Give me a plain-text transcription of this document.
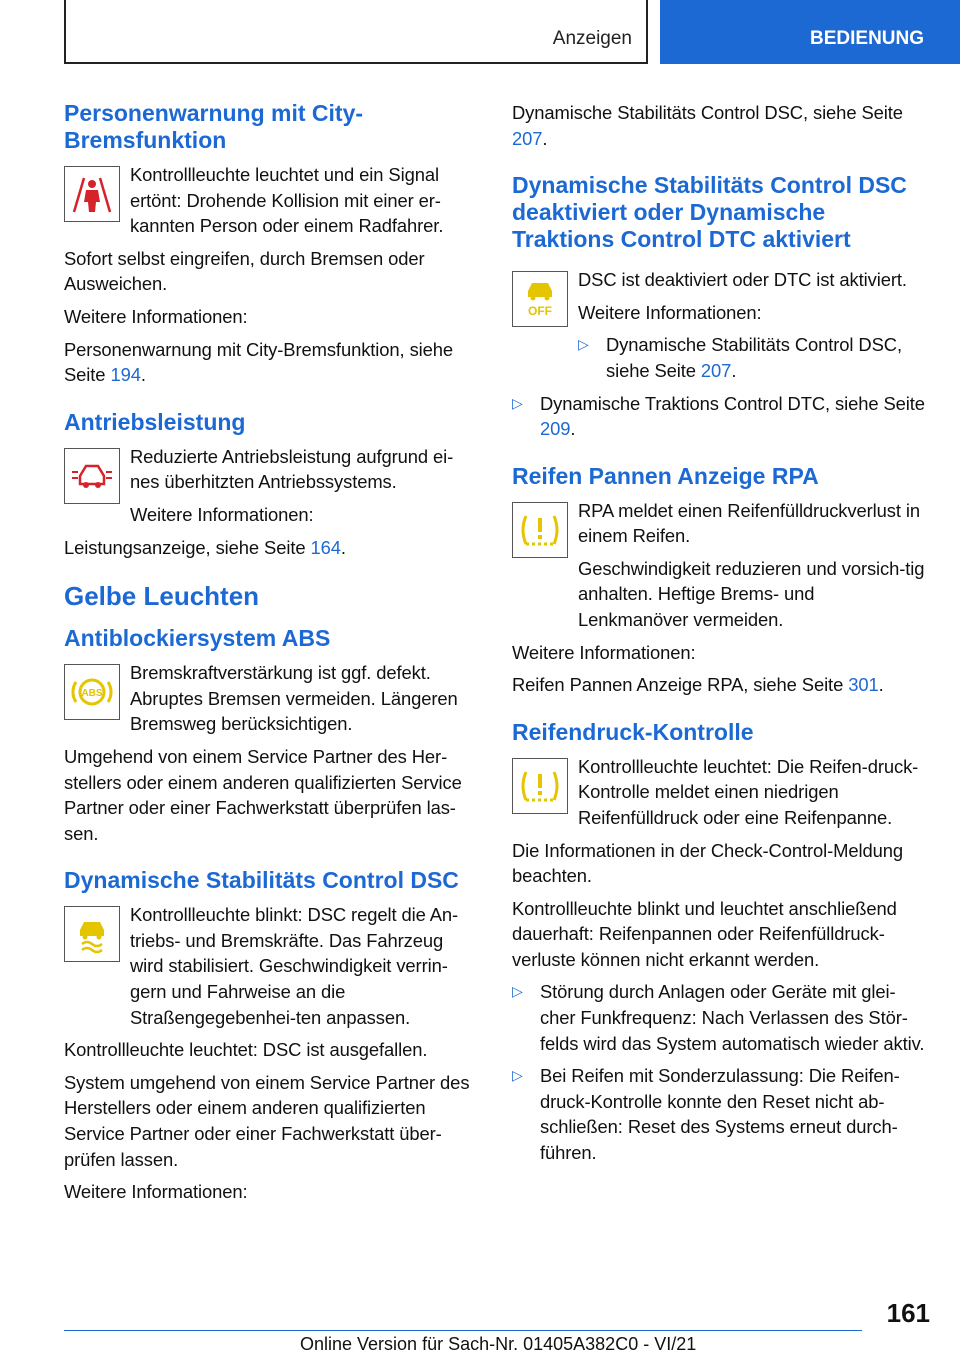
Anzeigen	BEDIENUNG
Personenwarnung mit City-Bremsfunktion

Kontrollleuchte leuchtet und ein Signal ertönt: Drohende Kollision mit einer er-kannten Person oder einem Radfahrer.

Sofort selbst eingreifen, durch Bremsen oder Ausweichen.

Weitere Informationen:

Personenwarnung mit City-Bremsfunktion, siehe Seite 194.

Antriebsleistung

Reduzierte Antriebsleistung aufgrund ei-nes überhitzten Antriebssystems.

Weitere Informationen:

Leistungsanzeige, siehe Seite 164.

Gelbe Leuchten
Antiblockiersystem ABS
ABS

Bremskraftverstärkung ist ggf. defekt. Abruptes Bremsen vermeiden. Längeren Bremsweg berücksichtigen.

Umgehend von einem Service Partner des Her-stellers oder einem anderen qualifizierten Service Partner oder einer Fachwerkstatt überprüfen las-sen.

Dynamische Stabilitäts Control DSC

Kontrollleuchte blinkt: DSC regelt die An-triebs- und Bremskräfte. Das Fahrzeug wird stabilisiert. Geschwindigkeit verrin-gern und Fahrweise an die Straßengegebenhei-ten anpassen.

Kontrollleuchte leuchtet: DSC ist ausgefallen.

System umgehend von einem Service Partner des Herstellers oder einem anderen qualifizierten Service Partner oder einer Fachwerkstatt über-prüfen lassen.

Weitere Informationen:

Dynamische Stabilitäts Control DSC, siehe Seite 207.

Dynamische Stabilitäts Control DSC deaktiviert oder Dynamische Traktions Control DTC aktiviert
OFF

DSC ist deaktiviert oder DTC ist aktiviert.

Weitere Informationen:

▷ Dynamische Stabilitäts Control DSC, siehe Seite 207.

▷ Dynamische Traktions Control DTC, siehe Seite 209.

Reifen Pannen Anzeige RPA

RPA meldet einen Reifenfülldruckverlust in einem Reifen.

Geschwindigkeit reduzieren und vorsich-tig anhalten. Heftige Brems- und Lenkmanöver vermeiden.

Weitere Informationen:

Reifen Pannen Anzeige RPA, siehe Seite 301.

Reifendruck-Kontrolle

Kontrollleuchte leuchtet: Die Reifen-druck-Kontrolle meldet einen niedrigen Reifenfülldruck oder eine Reifenpanne.

Die Informationen in der Check-Control-Meldung beachten.

Kontrollleuchte blinkt und leuchtet anschließend dauerhaft: Reifenpannen oder Reifenfülldruck-verluste können nicht erkannt werden.

▷ Störung durch Anlagen oder Geräte mit glei-cher Funkfrequenz: Nach Verlassen des Stör-felds wird das System automatisch wieder aktiv.

▷ Bei Reifen mit Sonderzulassung: Die Reifen-druck-Kontrolle konnte den Reset nicht ab-schließen: Reset des Systems erneut durch-führen.

161
Online Version für Sach-Nr. 01405A382C0 - VI/21
